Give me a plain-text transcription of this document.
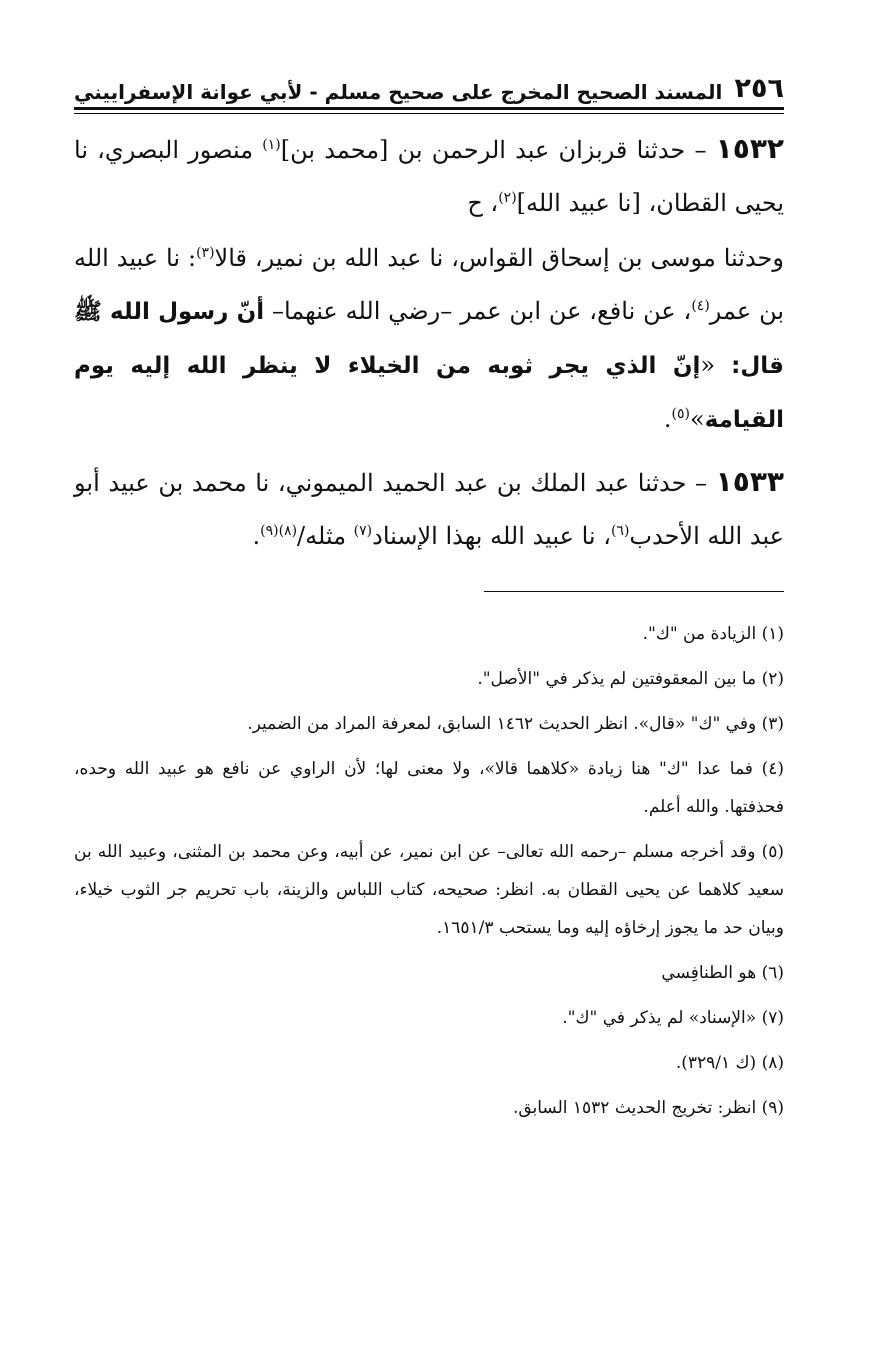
٢٥٦
المسند الصحيح المخرج على صحيح مسلم - لأبي عوانة الإسفراييني

١٥٣٢ – حدثنا قربزان عبد الرحمن بن [محمد بن]$^{(١)}$ منصور البصري، نا يحيى القطان، [نا عبيد الله]$^{(٢)}$، ح

وحدثنا موسى بن إسحاق القواس، نا عبد الله بن نمير، قالا$^{(٣)}$: نا عبيد الله بن عمر$^{(٤)}$، عن نافع، عن ابن عمر –رضي الله عنهما– أنّ رسول الله ﷺ قال: «إنّ الذي يجر ثوبه من الخيلاء لا ينظر الله إليه يوم القيامة»$^{(٥)}$.

١٥٣٣ – حدثنا عبد الملك بن عبد الحميد الميموني، نا محمد بن عبيد أبو عبد الله الأحدب$^{(٦)}$، نا عبيد الله بهذا الإسناد$^{(٧)}$ مثله/$^{(٨)(٩)}$.

(١) الزيادة من "ك".

(٢) ما بين المعقوفتين لم يذكر في "الأصل".

(٣) وفي "ك" «قال». انظر الحديث ١٤٦٢ السابق، لمعرفة المراد من الضمير.

(٤) فما عدا "ك" هنا زيادة «كلاهما قالا»، ولا معنى لها؛ لأن الراوي عن نافع هو عبيد الله وحده، فحذفتها. والله أعلم.

(٥) وقد أخرجه مسلم –رحمه الله تعالى– عن ابن نمير، عن أبيه، وعن محمد بن المثنى، وعبيد الله بن سعيد كلاهما عن يحيى القطان به. انظر: صحيحه، كتاب اللباس والزينة، باب تحريم جر الثوب خيلاء، وبيان حد ما يجوز إرخاؤه إليه وما يستحب ١٦٥١/٣.

(٦) هو الطنافِسي

(٧) «الإسناد» لم يذكر في "ك".

(٨) (ك ٣٢٩/١).

(٩) انظر: تخريج الحديث ١٥٣٢ السابق.
